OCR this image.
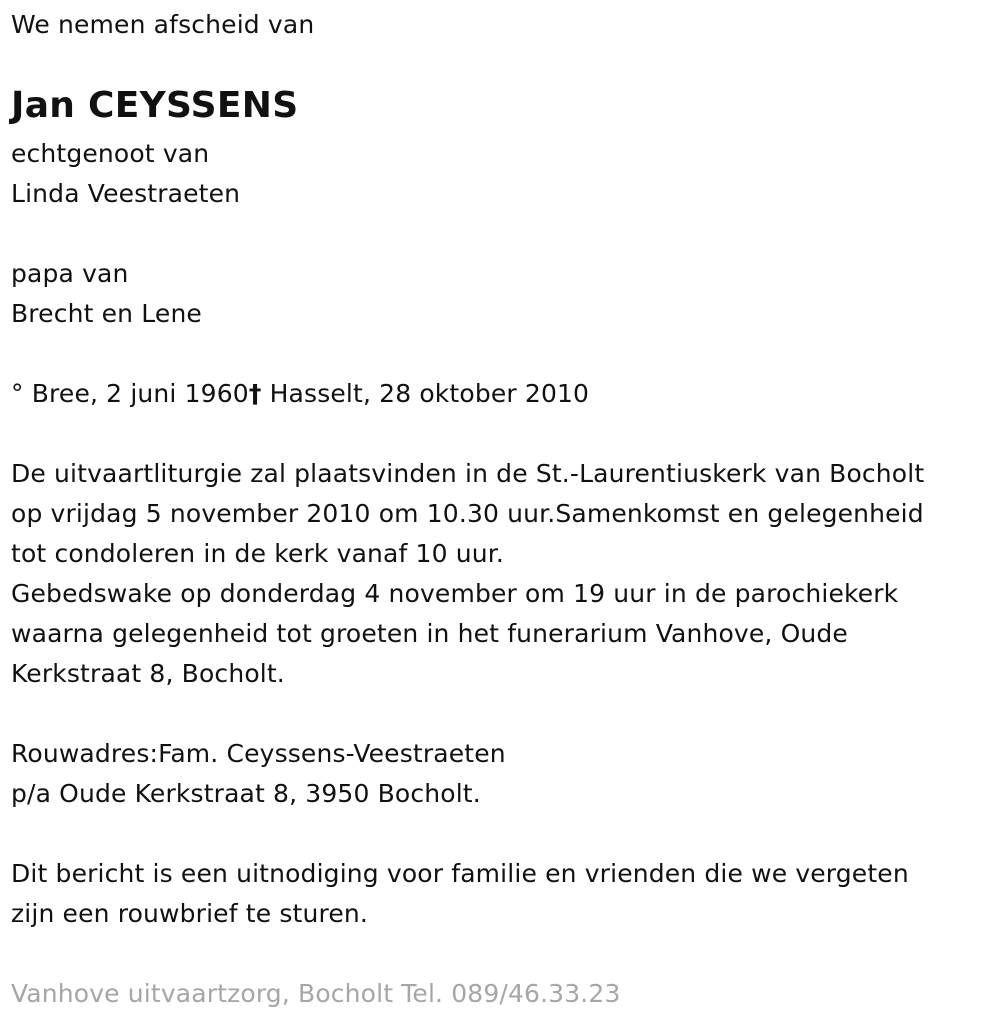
We nemen afscheid van
Jan CEYSSENS
echtgenoot van
Linda Veestraeten
papa van
Brecht en Lene
° Bree, 2 juni 1960† Hasselt, 28 oktober 2010
De uitvaartliturgie zal plaatsvinden in de St.-Laurentiuskerk van Bocholt
op vrijdag 5 november 2010 om 10.30 uur.Samenkomst en gelegenheid
tot condoleren in de kerk vanaf 10 uur.
Gebedswake op donderdag 4 november om 19 uur in de parochiekerk
waarna gelegenheid tot groeten in het funerarium Vanhove, Oude
Kerkstraat 8, Bocholt.
Rouwadres:Fam. Ceyssens-Veestraeten
p/a Oude Kerkstraat 8, 3950 Bocholt.
Dit bericht is een uitnodiging voor familie en vrienden die we vergeten
zijn een rouwbrief te sturen.
Vanhove uitvaartzorg, Bocholt Tel. 089/46.33.23
